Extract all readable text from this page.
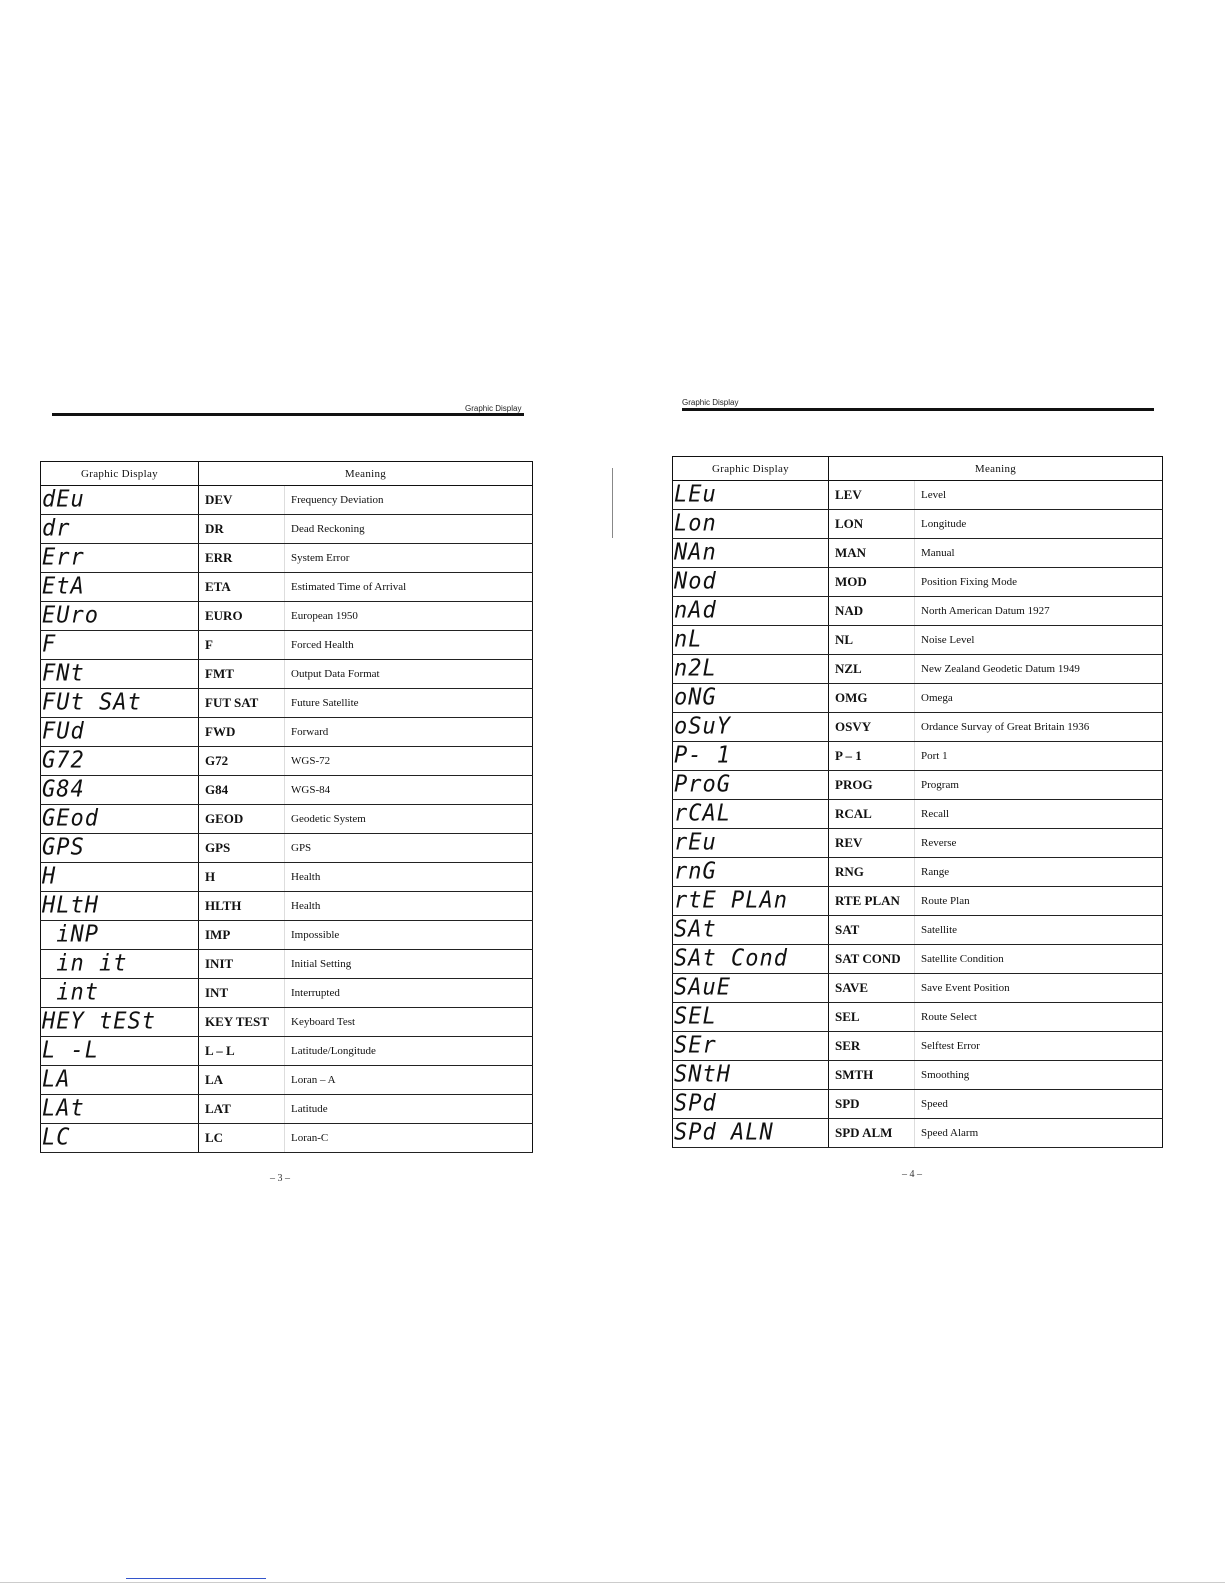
Graphic Display
Graphic Display	Meaning	
dEu	DEV	Frequency Deviation
dr	DR	Dead Reckoning
Err	ERR	System Error
EtA	ETA	Estimated Time of Arrival
EUro	EURO	European 1950
F	F	Forced Health
FNt	FMT	Output Data Format
FUt SAt	FUT SAT	Future Satellite
FUd	FWD	Forward
G72	G72	WGS-72
G84	G84	WGS-84
GEod	GEOD	Geodetic System
GPS	GPS	GPS
H	H	Health
HLtH	HLTH	Health
iNP	IMP	Impossible
in it	INIT	Initial Setting
int	INT	Interrupted
HEY tESt	KEY TEST	Keyboard Test
L -L	L – L	Latitude/Longitude
LA	LA	Loran – A
LAt	LAT	Latitude
LC	LC	Loran-C
– 3 –
Graphic Display
Graphic Display	Meaning	
LEu	LEV	Level
Lon	LON	Longitude
NAn	MAN	Manual
Nod	MOD	Position Fixing Mode
nAd	NAD	North American Datum 1927
nL	NL	Noise Level
n2L	NZL	New Zealand Geodetic Datum 1949
oNG	OMG	Omega
oSuY	OSVY	Ordance Survay of Great Britain 1936
P- 1	P – 1	Port 1
ProG	PROG	Program
rCAL	RCAL	Recall
rEu	REV	Reverse
rnG	RNG	Range
rtE PLAn	RTE PLAN	Route Plan
SAt	SAT	Satellite
SAt Cond	SAT COND	Satellite Condition
SAuE	SAVE	Save Event Position
SEL	SEL	Route Select
SEr	SER	Selftest Error
SNtH	SMTH	Smoothing
SPd	SPD	Speed
SPd ALN	SPD ALM	Speed Alarm
– 4 –
